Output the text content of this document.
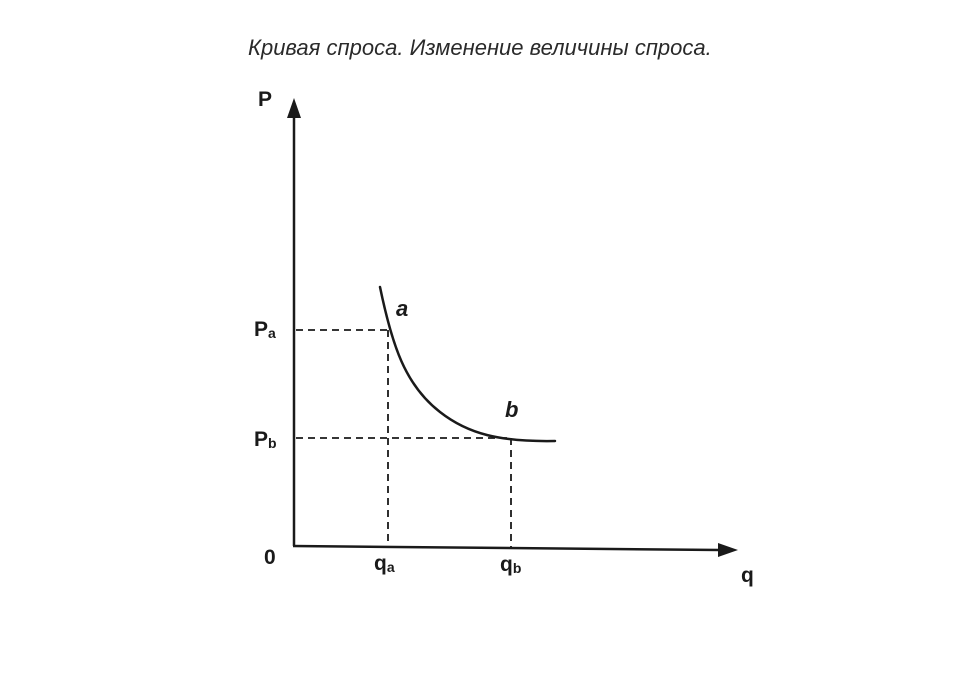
Кривая спроса. Изменение величины спроса.
P
q
0
a
b
Pa
Pb
qa	qb
